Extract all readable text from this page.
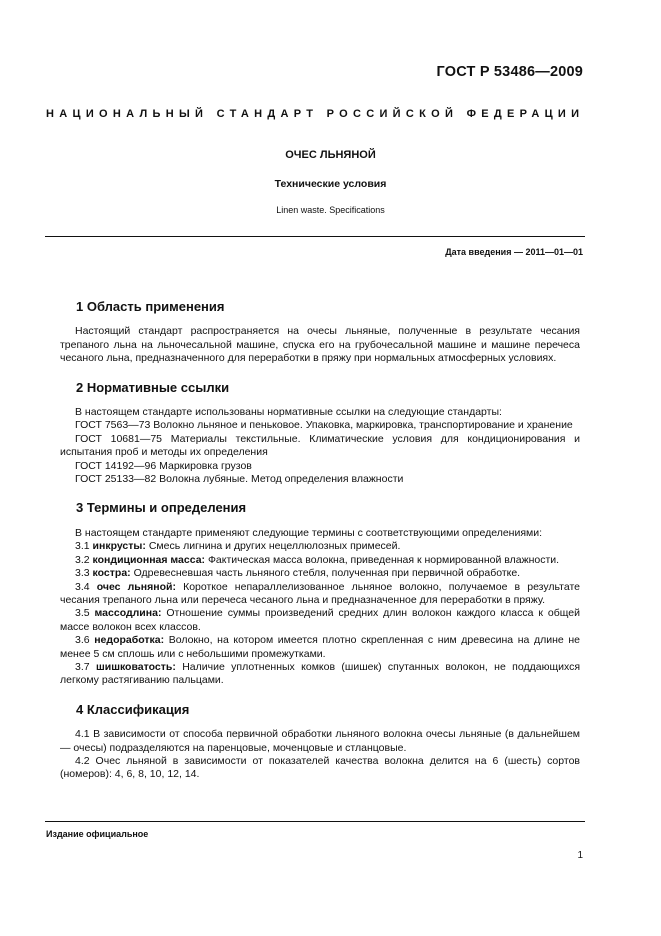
ГОСТ Р 53486—2009
НАЦИОНАЛЬНЫЙ СТАНДАРТ РОССИЙСКОЙ ФЕДЕРАЦИИ
ОЧЕС ЛЬНЯНОЙ
Технические условия
Linen waste. Specifications
Дата введения — 2011—01—01
1 Область применения

Настоящий стандарт распространяется на очесы льняные, полученные в результате чесания трепаного льна на льночесальной машине, спуска его на грубочесальной машине и машине перечеса чесаного льна, предназначенного для переработки в пряжу при нормальных атмосферных условиях.

2 Нормативные ссылки

В настоящем стандарте использованы нормативные ссылки на следующие стандарты:

ГОСТ 7563—73 Волокно льняное и пеньковое. Упаковка, маркировка, транспортирование и хранение

ГОСТ 10681—75 Материалы текстильные. Климатические условия для кондиционирования и испытания проб и методы их определения

ГОСТ 14192—96 Маркировка грузов

ГОСТ 25133—82 Волокна лубяные. Метод определения влажности

3 Термины и определения

В настоящем стандарте применяют следующие термины с соответствующими определениями:

3.1 инкрусты: Смесь лигнина и других нецеллюлозных примесей.

3.2 кондиционная масса: Фактическая масса волокна, приведенная к нормированной влажности.

3.3 костра: Одревесневшая часть льняного стебля, полученная при первичной обработке.

3.4 очес льняной: Короткое непараллелизованное льняное волокно, получаемое в результате чесания трепаного льна или перечеса чесаного льна и предназначенное для переработки в пряжу.

3.5 массодлина: Отношение суммы произведений средних длин волокон каждого класса к общей массе волокон всех классов.

3.6 недоработка: Волокно, на котором имеется плотно скрепленная с ним древесина на длине не менее 5 см сплошь или с небольшими промежутками.

3.7 шишковатость: Наличие уплотненных комков (шишек) спутанных волокон, не поддающихся легкому растягиванию пальцами.

4 Классификация

4.1 В зависимости от способа первичной обработки льняного волокна очесы льняные (в дальнейшем — очесы) подразделяются на паренцовые, моченцовые и стланцовые.

4.2 Очес льняной в зависимости от показателей качества волокна делится на 6 (шесть) сортов (номеров): 4, 6, 8, 10, 12, 14.

Издание официальное
1
